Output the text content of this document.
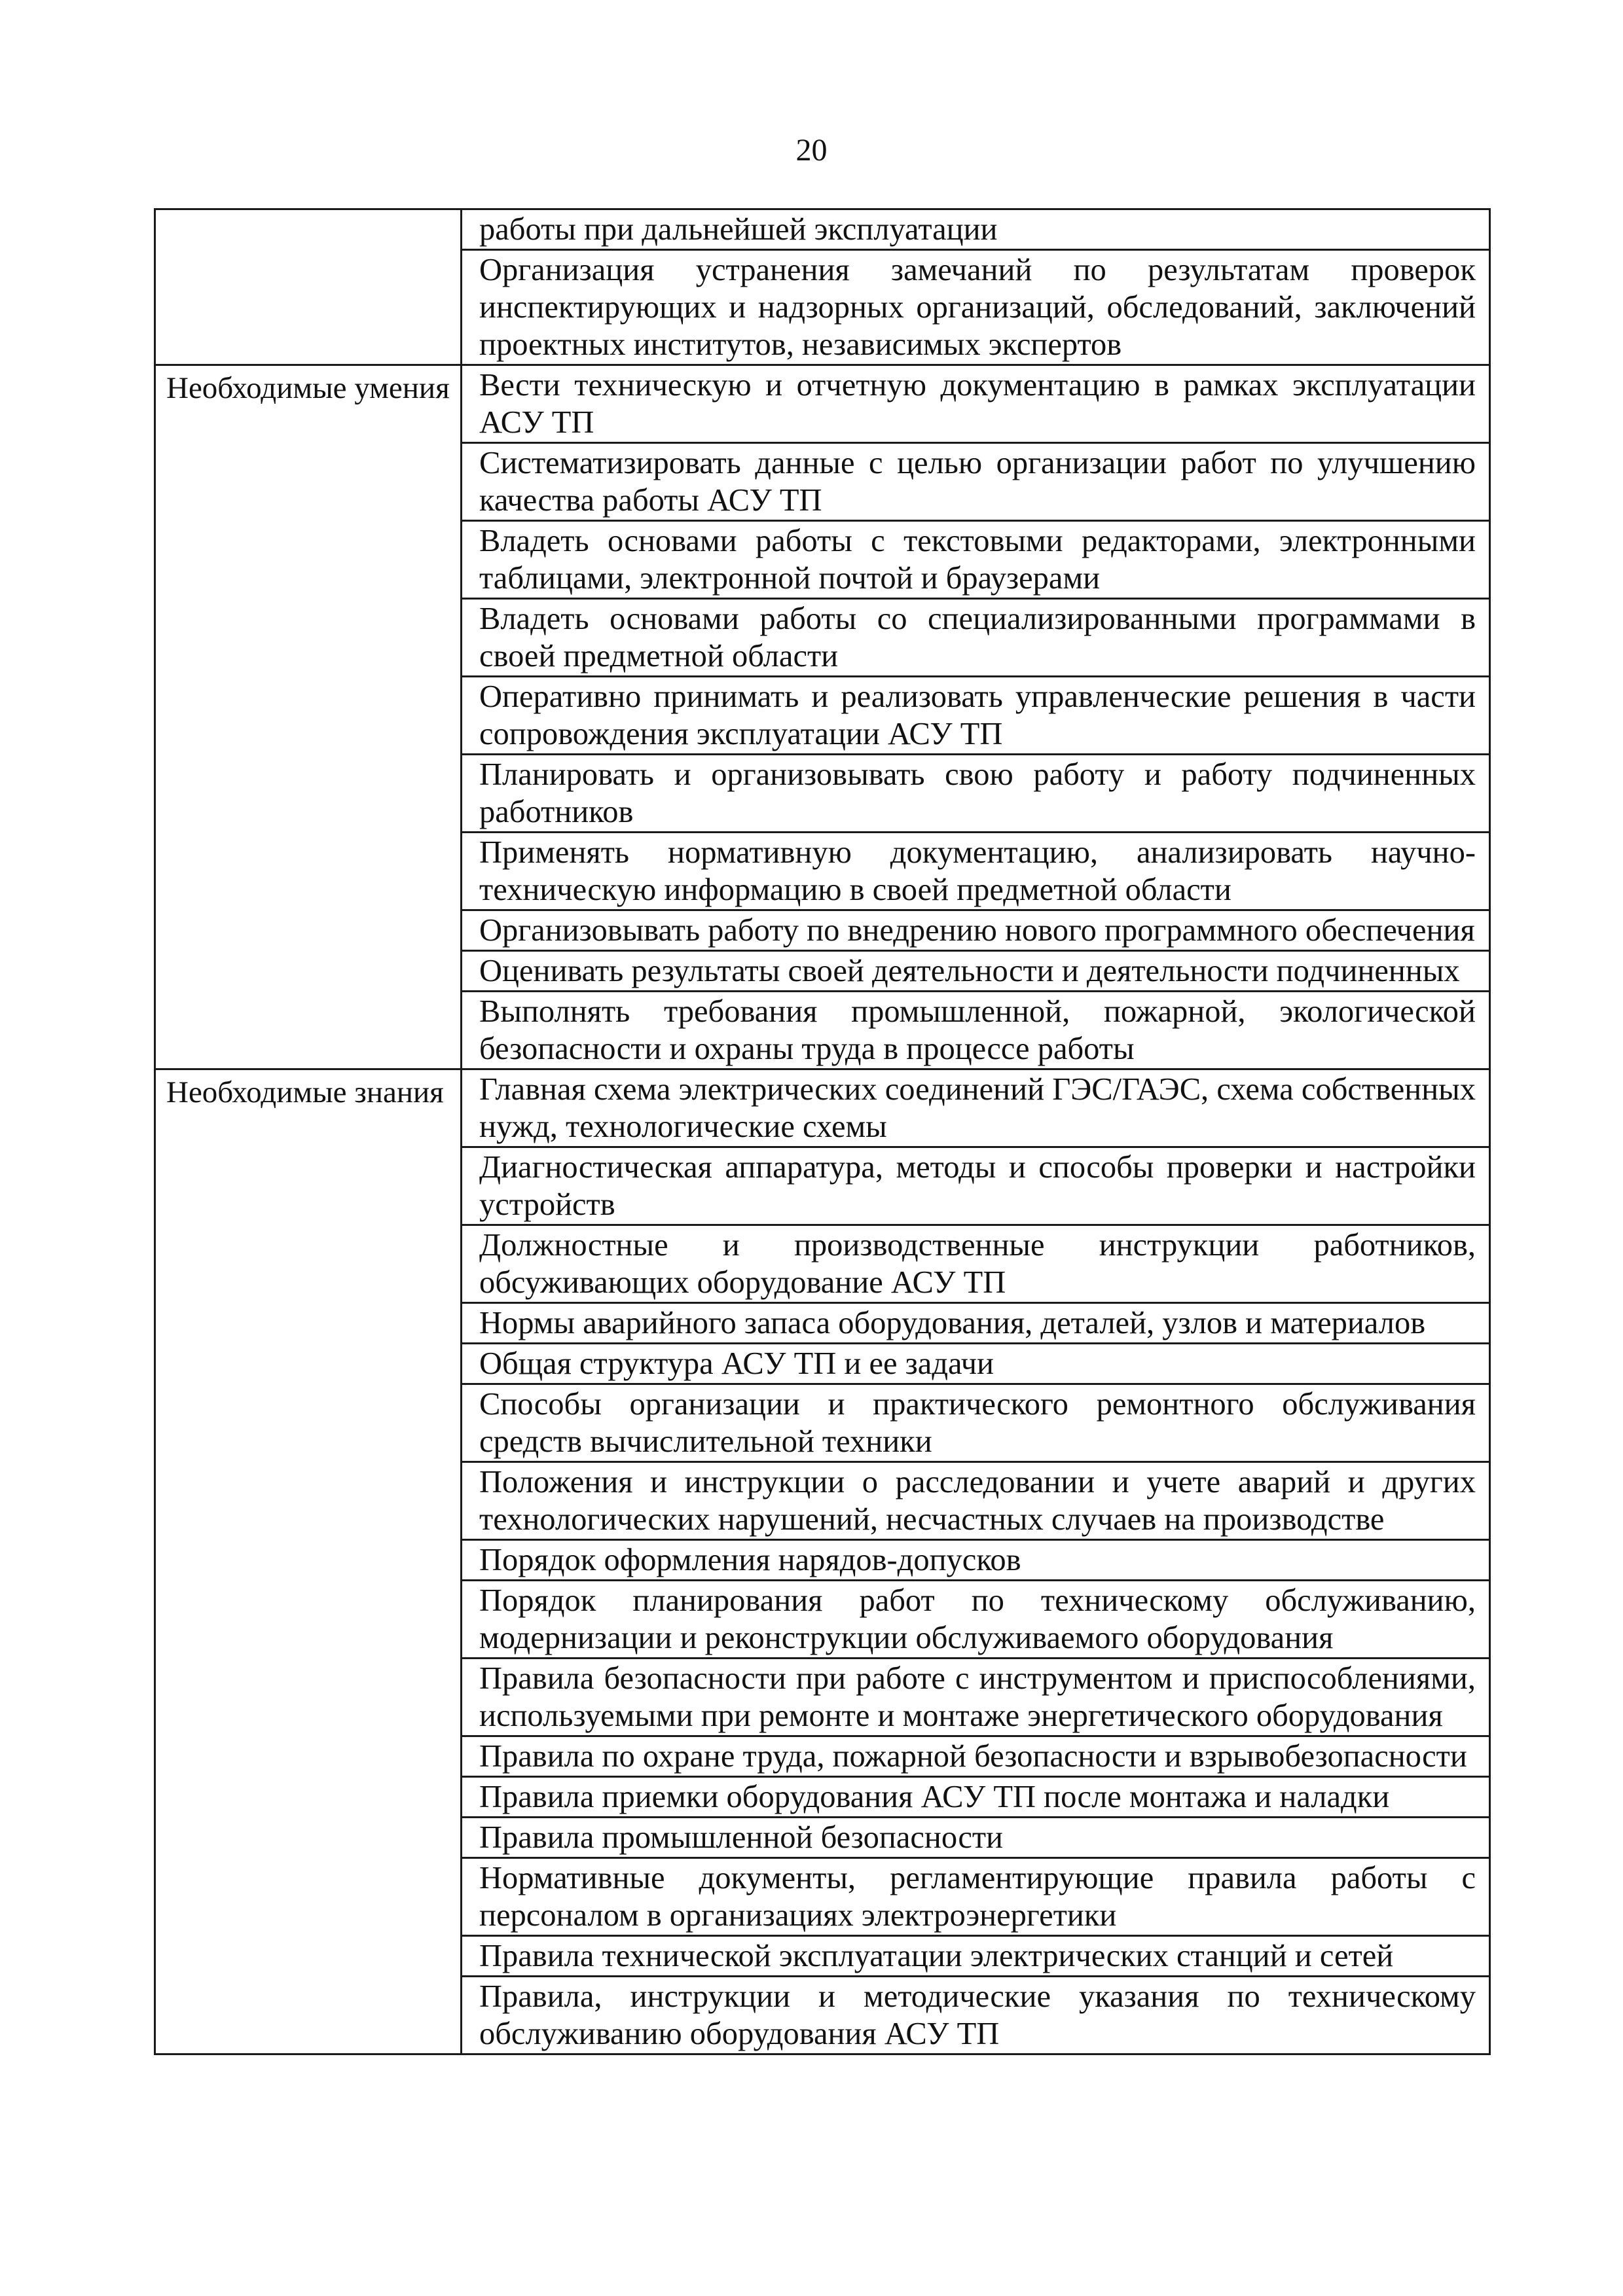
20
	работы при дальнейшей эксплуатации
	Организация устранения замечаний по результатам проверок инспектирующих и надзорных организаций, обследований, заключений проектных институтов, независимых экспертов
Необходимые умения	Вести техническую и отчетную документацию в рамках эксплуатации АСУ ТП
	Систематизировать данные с целью организации работ по улучшению качества работы АСУ ТП
	Владеть основами работы с текстовыми редакторами, электронными таблицами, электронной почтой и браузерами
	Владеть основами работы со специализированными программами в своей предметной области
	Оперативно принимать и реализовать управленческие решения в части сопровождения эксплуатации АСУ ТП
	Планировать и организовывать свою работу и работу подчиненных работников
	Применять нормативную документацию, анализировать научно-техническую информацию в своей предметной области
	Организовывать работу по внедрению нового программного обеспечения
	Оценивать результаты своей деятельности и деятельности подчиненных
	Выполнять требования промышленной, пожарной, экологической безопасности и охраны труда в процессе работы
Необходимые знания	Главная схема электрических соединений ГЭС/ГАЭС, схема собственных нужд, технологические схемы
	Диагностическая аппаратура, методы и способы проверки и настройки устройств
	Должностные и производственные инструкции работников, обсуживающих оборудование АСУ ТП
	Нормы аварийного запаса оборудования, деталей, узлов и материалов
	Общая структура АСУ ТП и ее задачи
	Способы организации и практического ремонтного обслуживания средств вычислительной техники
	Положения и инструкции о расследовании и учете аварий и других технологических нарушений, несчастных случаев на производстве
	Порядок оформления нарядов-допусков
	Порядок планирования работ по техническому обслуживанию, модернизации и реконструкции обслуживаемого оборудования
	Правила безопасности при работе с инструментом и приспособлениями, используемыми при ремонте и монтаже энергетического оборудования
	Правила по охране труда, пожарной безопасности и взрывобезопасности
	Правила приемки оборудования АСУ ТП после монтажа и наладки
	Правила промышленной безопасности
	Нормативные документы, регламентирующие правила работы с персоналом в организациях электроэнергетики
	Правила технической эксплуатации электрических станций и сетей
	Правила, инструкции и методические указания по техническому обслуживанию оборудования АСУ ТП
